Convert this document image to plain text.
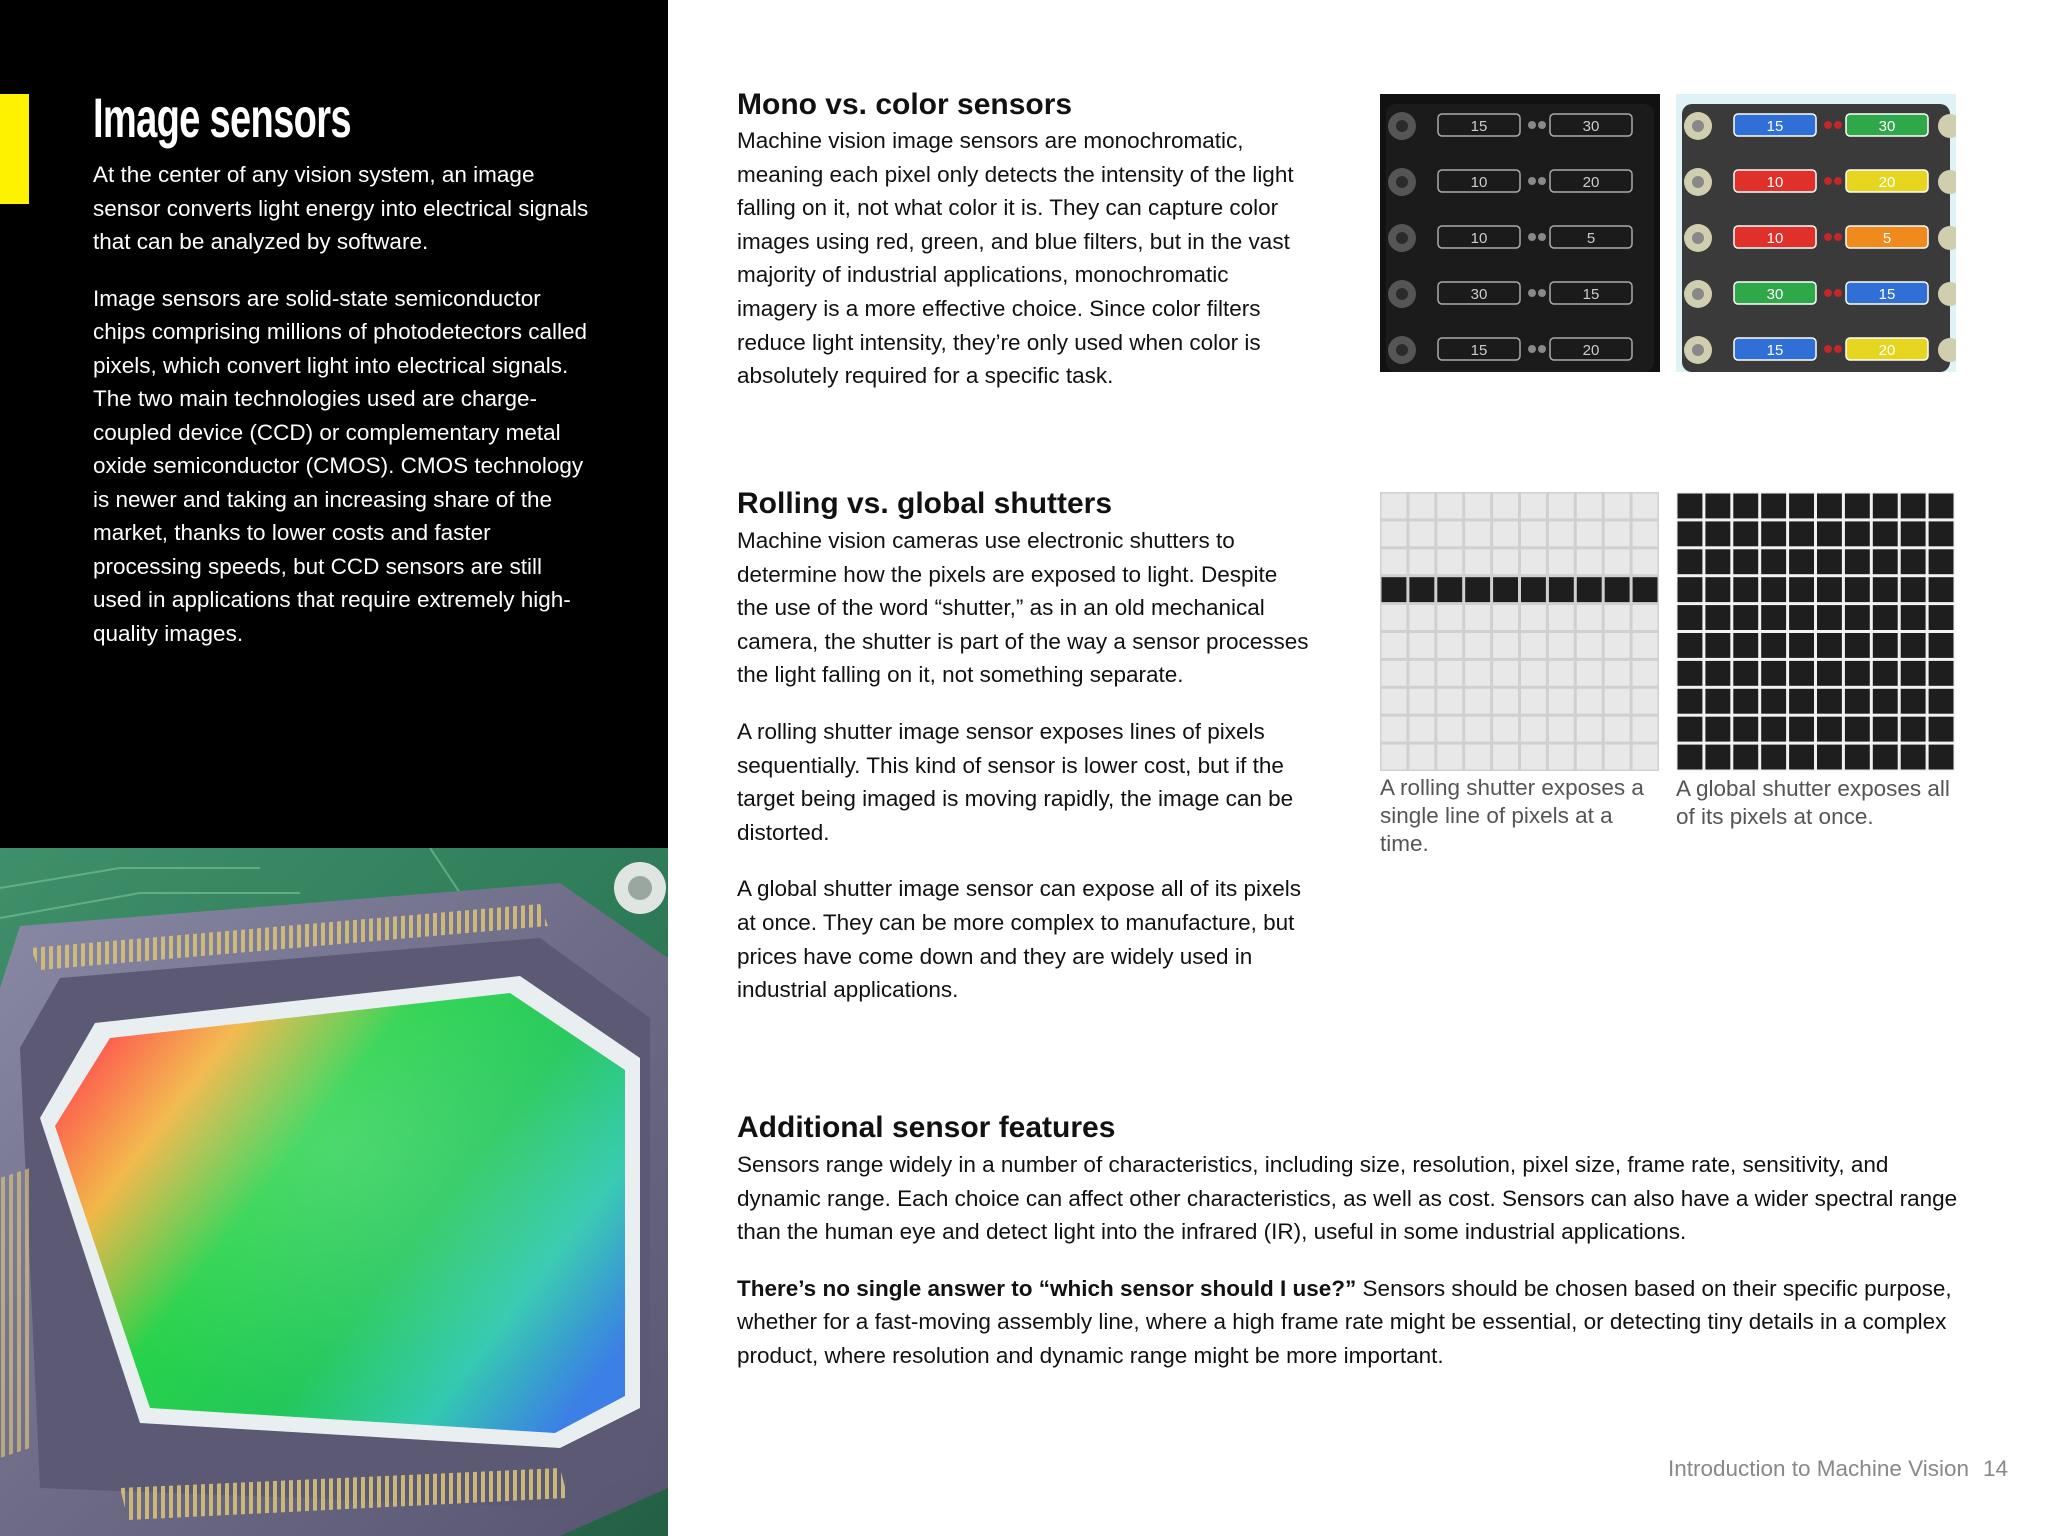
Image sensors

At the center of any vision system, an image sensor converts light energy into electrical signals that can be analyzed by software.

Image sensors are solid-state semiconductor chips comprising millions of photodetectors called pixels, which convert light into electrical signals. The two main technologies used are charge-coupled device (CCD) or complementary metal oxide semiconductor (CMOS). CMOS technology is newer and taking an increasing share of the market, thanks to lower costs and faster processing speeds, but CCD sensors are still used in applications that require extremely high-quality images.

Mono vs. color sensors

Machine vision image sensors are monochromatic, meaning each pixel only detects the intensity of the light falling on it, not what color it is. They can capture color images using red, green, and blue filters, but in the vast majority of industrial applications, monochromatic imagery is a more effective choice. Since color filters reduce light intensity, they’re only used when color is absolutely required for a specific task.

15	30
10	20
10	5
30	15
15	20
15	30
10	20
10	5
30	15
15	20
Rolling vs. global shutters

Machine vision cameras use electronic shutters to determine how the pixels are exposed to light. Despite the use of the word “shutter,” as in an old mechanical camera, the shutter is part of the way a sensor processes the light falling on it, not something separate.

A rolling shutter image sensor exposes lines of pixels sequentially. This kind of sensor is lower cost, but if the target being imaged is moving rapidly, the image can be distorted.

A global shutter image sensor can expose all of its pixels at once. They can be more complex to manufacture, but prices have come down and they are widely used in industrial applications.

A rolling shutter exposes a single line of pixels at a time.
A global shutter exposes all of its pixels at once.
Additional sensor features

Sensors range widely in a number of characteristics, including size, resolution, pixel size, frame rate, sensitivity, and dynamic range. Each choice can affect other characteristics, as well as cost. Sensors can also have a wider spectral range than the human eye and detect light into the infrared (IR), useful in some industrial applications.

There’s no single answer to “which sensor should I use?” Sensors should be chosen based on their specific purpose, whether for a fast-moving assembly line, where a high frame rate might be essential, or detecting tiny details in a complex product, where resolution and dynamic range might be more important.

Introduction to Machine Vision 14
